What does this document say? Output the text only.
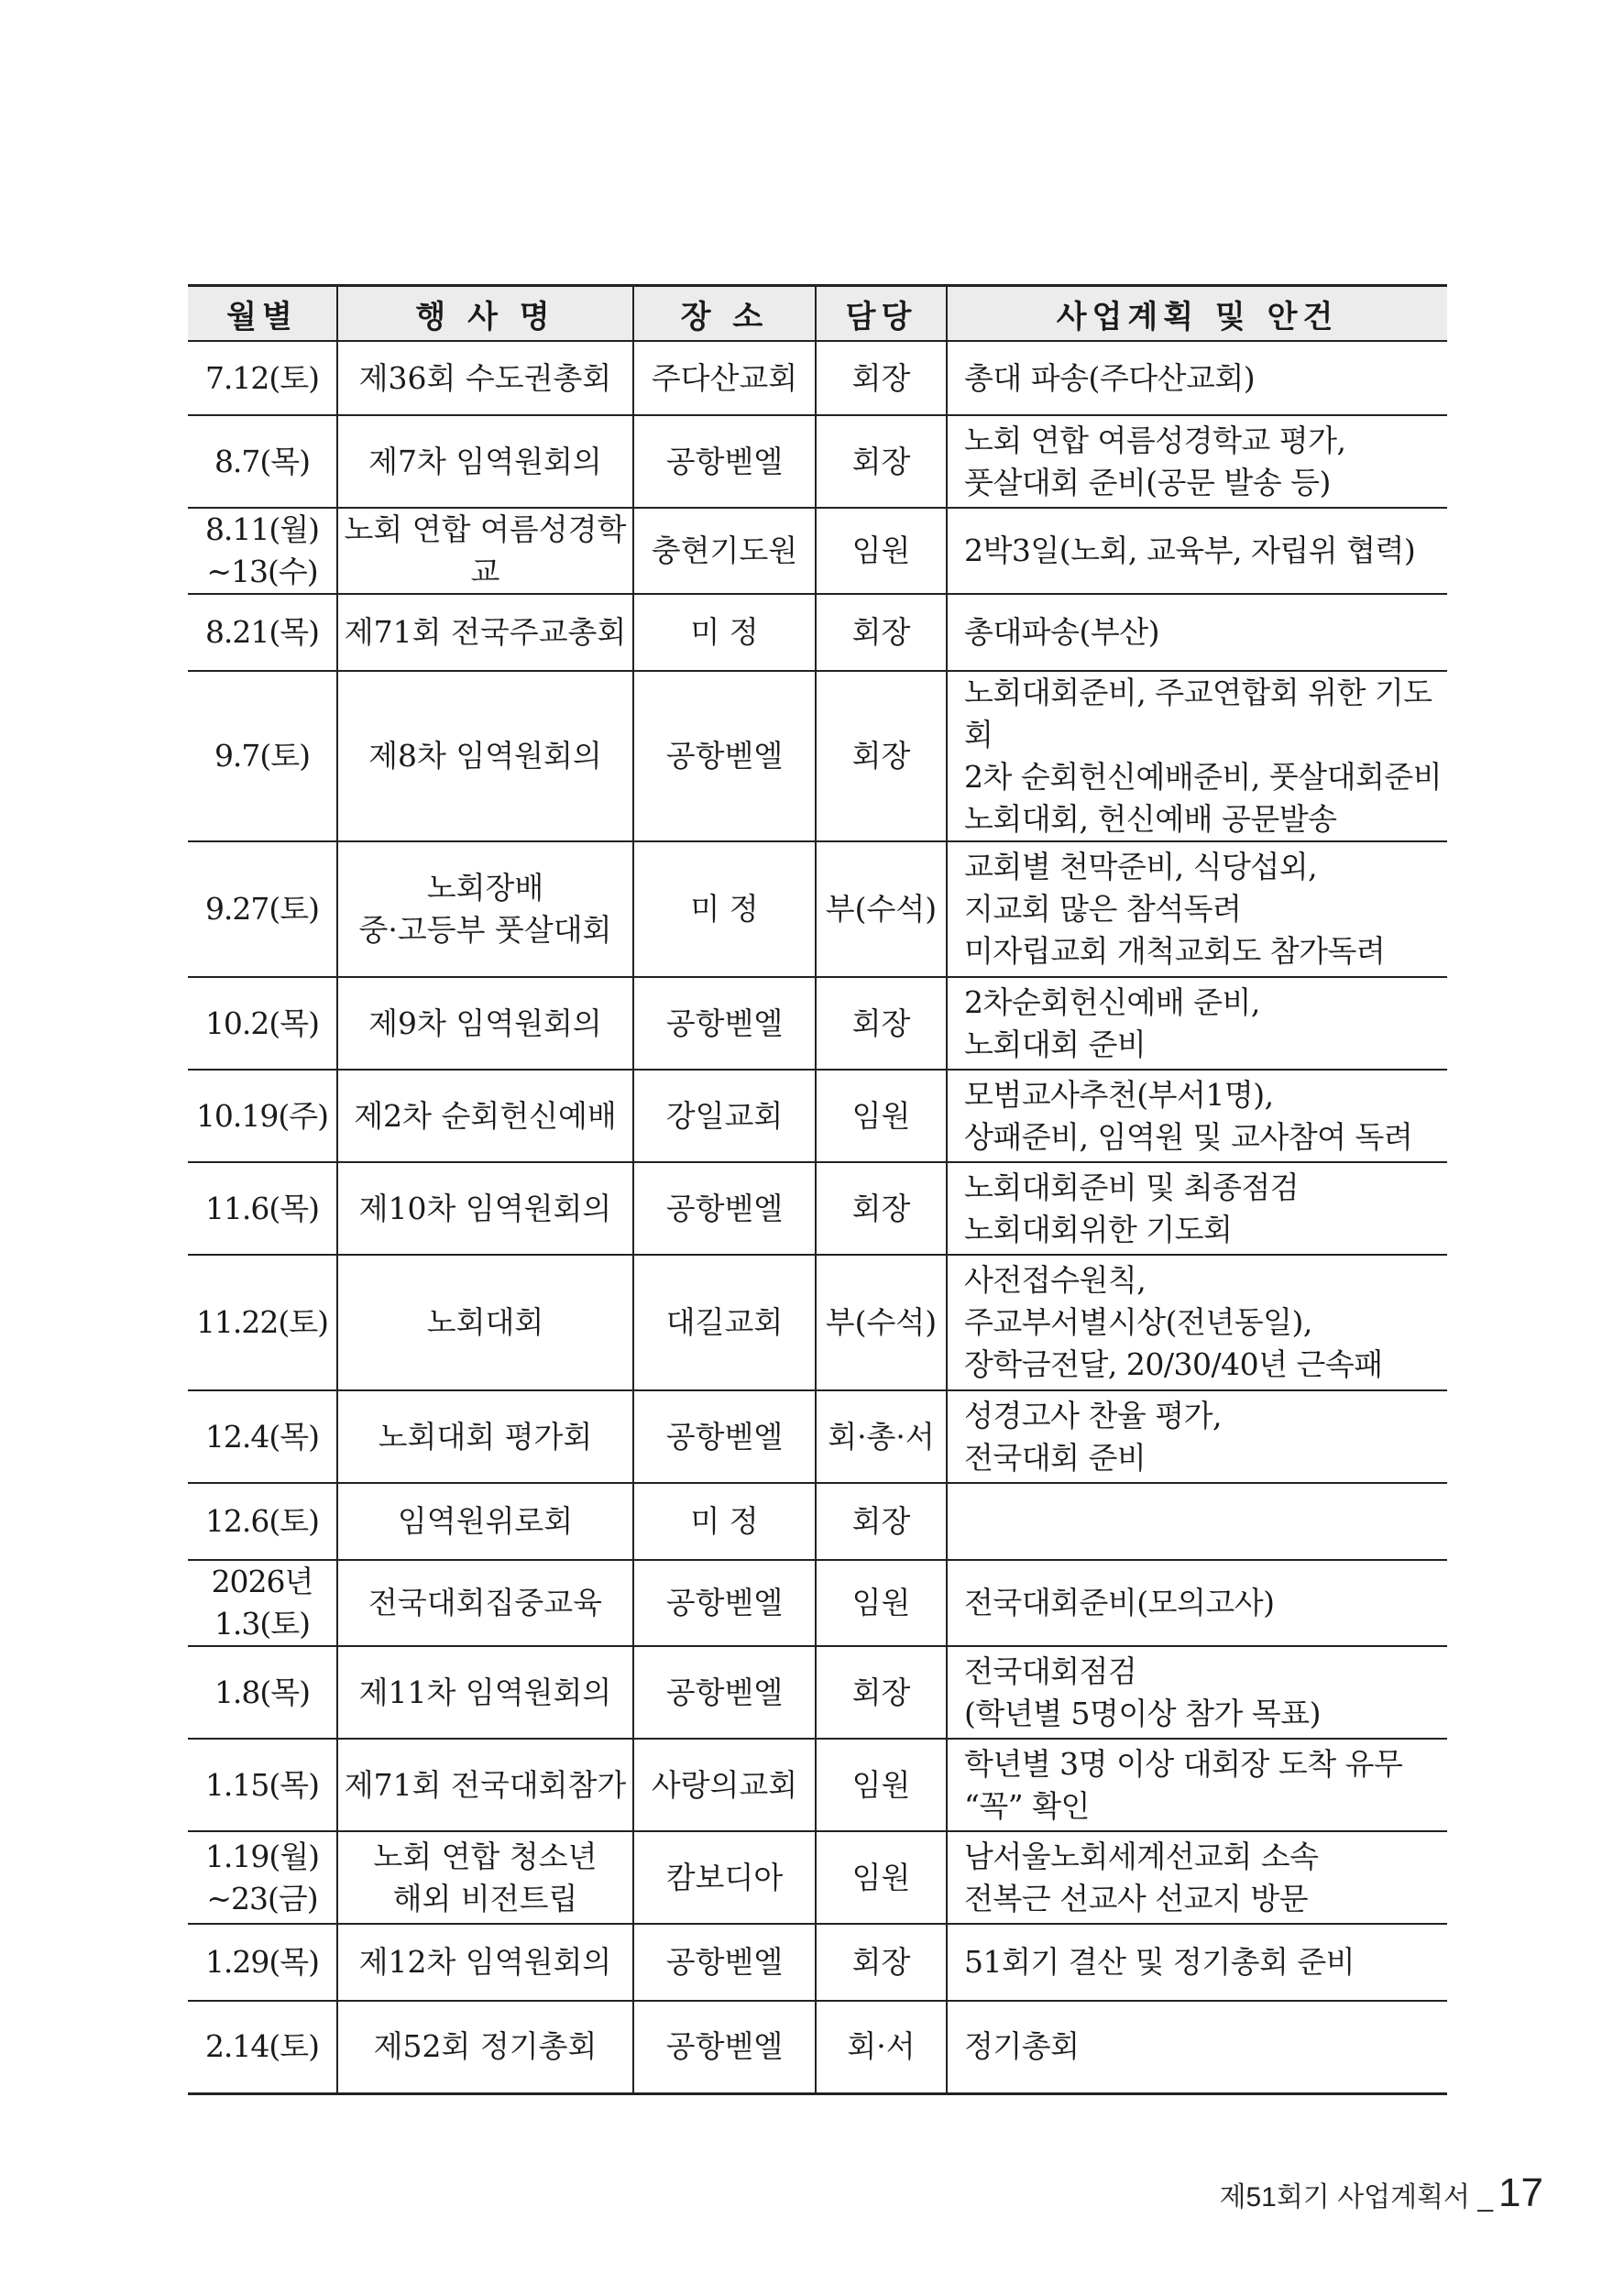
월별	행 사 명	장 소	담당	사업계획 및 안건
7.12(토)	제36회 수도권총회	주다산교회	회장	총대 파송(주다산교회)
8.7(목)	제7차 임역원회의	공항벧엘	회장	노회 연합 여름성경학교 평가,
풋살대회 준비(공문 발송 등)
8.11(월)
~13(수)	노회 연합 여름성경학교	충현기도원	임원	2박3일(노회, 교육부, 자립위 협력)
8.21(목)	제71회 전국주교총회	미 정	회장	총대파송(부산)
9.7(토)	제8차 임역원회의	공항벧엘	회장	노회대회준비, 주교연합회 위한 기도회
2차 순회헌신예배준비, 풋살대회준비
노회대회, 헌신예배 공문발송
9.27(토)	노회장배
중·고등부 풋살대회	미 정	부(수석)	교회별 천막준비, 식당섭외,
지교회 많은 참석독려
미자립교회 개척교회도 참가독려
10.2(목)	제9차 임역원회의	공항벧엘	회장	2차순회헌신예배 준비,
노회대회 준비
10.19(주)	제2차 순회헌신예배	강일교회	임원	모범교사추천(부서1명),
상패준비, 임역원 및 교사참여 독려
11.6(목)	제10차 임역원회의	공항벧엘	회장	노회대회준비 및 최종점검
노회대회위한 기도회
11.22(토)	노회대회	대길교회	부(수석)	사전접수원칙,
주교부서별시상(전년동일),
장학금전달, 20/30/40년 근속패
12.4(목)	노회대회 평가회	공항벧엘	회·총·서	성경고사 찬율 평가,
전국대회 준비
12.6(토)	임역원위로회	미 정	회장	
2026년
1.3(토)	전국대회집중교육	공항벧엘	임원	전국대회준비(모의고사)
1.8(목)	제11차 임역원회의	공항벧엘	회장	전국대회점검
(학년별 5명이상 참가 목표)
1.15(목)	제71회 전국대회참가	사랑의교회	임원	학년별 3명 이상 대회장 도착 유무
“꼭” 확인
1.19(월)
~23(금)	노회 연합 청소년
해외 비전트립	캄보디아	임원	남서울노회세계선교회 소속
전복근 선교사 선교지 방문
1.29(목)	제12차 임역원회의	공항벧엘	회장	51회기 결산 및 정기총회 준비
2.14(토)	제52회 정기총회	공항벧엘	회·서	정기총회
제51회기 사업계획서 _ 17
